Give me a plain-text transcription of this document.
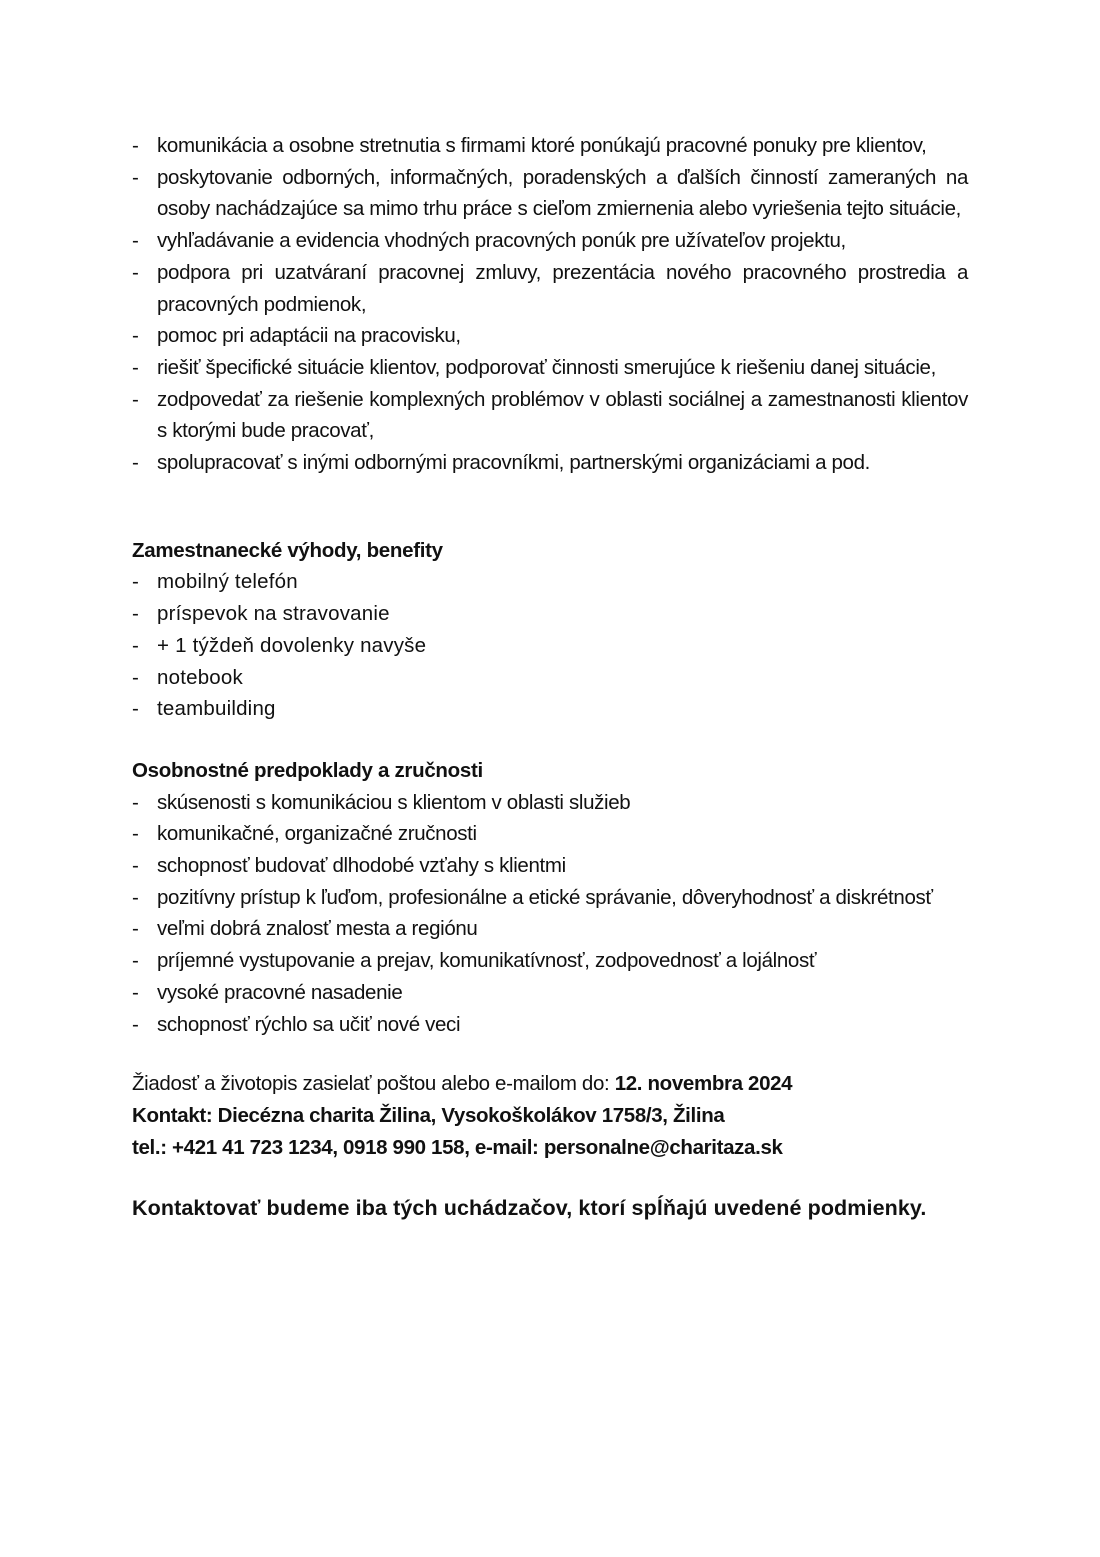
- komunikácia a osobne stretnutia s firmami ktoré ponúkajú pracovné ponuky pre klientov,
- poskytovanie odborných, informačných, poradenských a ďalších činností zameraných na osoby nachádzajúce sa mimo trhu práce s cieľom zmiernenia alebo vyriešenia tejto situácie,
- vyhľadávanie a evidencia vhodných pracovných ponúk pre užívateľov projektu,
- podpora pri uzatváraní pracovnej zmluvy, prezentácia nového pracovného prostredia a pracovných podmienok,
- pomoc pri adaptácii na pracovisku,
- riešiť špecifické situácie klientov, podporovať činnosti smerujúce k riešeniu danej situácie,
- zodpovedať za riešenie komplexných problémov v oblasti sociálnej a zamestnanosti klientov s ktorými bude pracovať,
- spolupracovať s inými odbornými pracovníkmi, partnerskými organizáciami a pod.
Zamestnanecké výhody, benefity
- mobilný telefón
- príspevok na stravovanie
- + 1 týždeň dovolenky navyše
- notebook
- teambuilding
Osobnostné predpoklady a zručnosti
- skúsenosti s komunikáciou s klientom v oblasti služieb
- komunikačné, organizačné zručnosti
- schopnosť budovať dlhodobé vzťahy s klientmi
- pozitívny prístup k ľuďom, profesionálne a etické správanie, dôveryhodnosť a diskrétnosť
- veľmi dobrá znalosť mesta a regiónu
- príjemné vystupovanie a prejav, komunikatívnosť, zodpovednosť a lojálnosť
- vysoké pracovné nasadenie
- schopnosť rýchlo sa učiť nové veci
Žiadosť a životopis zasielať poštou alebo e-mailom do: 12. novembra 2024
Kontakt: Diecézna charita Žilina, Vysokoškolákov 1758/3, Žilina
tel.: +421 41 723 1234, 0918 990 158, e-mail: personalne@charitaza.sk
Kontaktovať budeme iba tých uchádzačov, ktorí spĺňajú uvedené podmienky.
